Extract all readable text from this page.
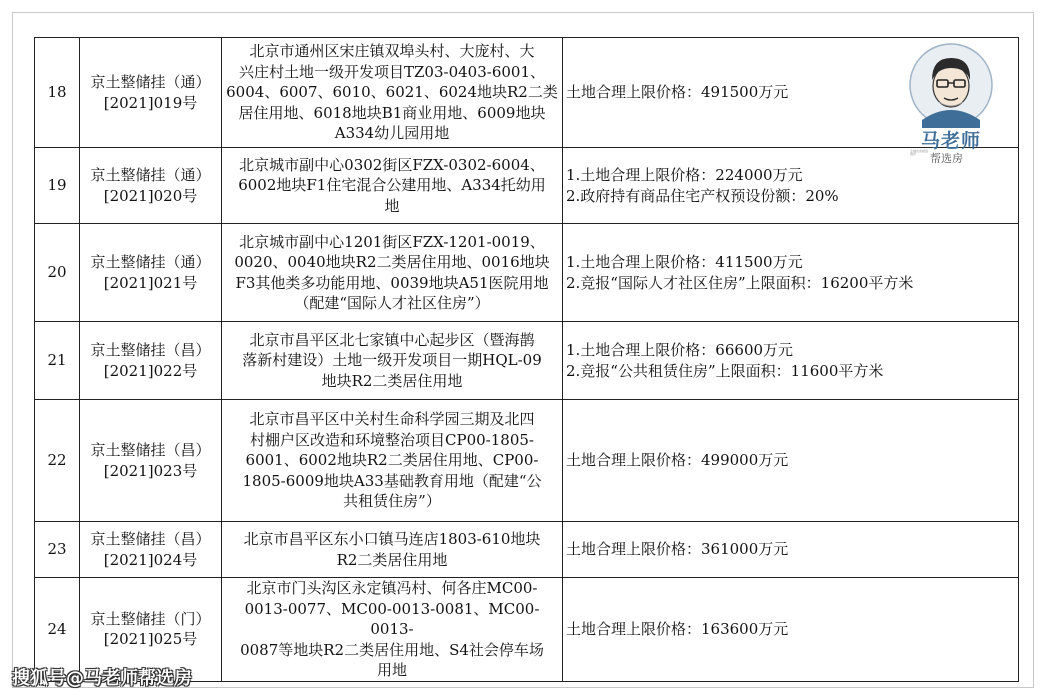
18	京土整储挂（通）
[2021]019号	北京市通州区宋庄镇双埠头村、大庞村、大
兴庄村土地一级开发项目TZ03-0403-6001、
6004、6007、6010、6021、6024地块R2二类
居住用地、6018地块B1商业用地、6009地块
A334幼儿园用地	土地合理上限价格：491500万元

19	京土整储挂（通）
[2021]020号	北京城市副中心0302街区FZX-0302-6004、
6002地块F1住宅混合公建用地、A334托幼用
地	1.土地合理上限价格：224000万元
2.政府持有商品住宅产权预设份额：20%

20	京土整储挂（通）
[2021]021号	北京城市副中心1201街区FZX-1201-0019、
0020、0040地块R2二类居住用地、0016地块
F3其他类多功能用地、0039地块A51医院用地
（配建“国际人才社区住房”）	1.土地合理上限价格：411500万元
2.竞报“国际人才社区住房”上限面积：16200平方米

21	京土整储挂（昌）
[2021]022号	北京市昌平区北七家镇中心起步区（暨海鹊
落新村建设）土地一级开发项目一期HQL-09
地块R2二类居住用地	1.土地合理上限价格：66600万元
2.竞报“公共租赁住房”上限面积：11600平方米

22	京土整储挂（昌）
[2021]023号	北京市昌平区中关村生命科学园三期及北四
村棚户区改造和环境整治项目CP00-1805-
6001、6002地块R2二类居住用地、CP00-
1805-6009地块A33基础教育用地（配建“公
共租赁住房”）	土地合理上限价格：499000万元

23	京土整储挂（昌）
[2021]024号	北京市昌平区东小口镇马连店1803-610地块
R2二类居住用地	土地合理上限价格：361000万元

24	京土整储挂（门）
[2021]025号	北京市门头沟区永定镇冯村、何各庄MC00-
0013-0077、MC00-0013-0081、MC00-0013-
0087等地块R2二类居住用地、S4社会停车场
用地	土地合理上限价格：163600万元
马老师
全城优质楼盘推荐	帮选房
搜狐号@马老师帮选房
